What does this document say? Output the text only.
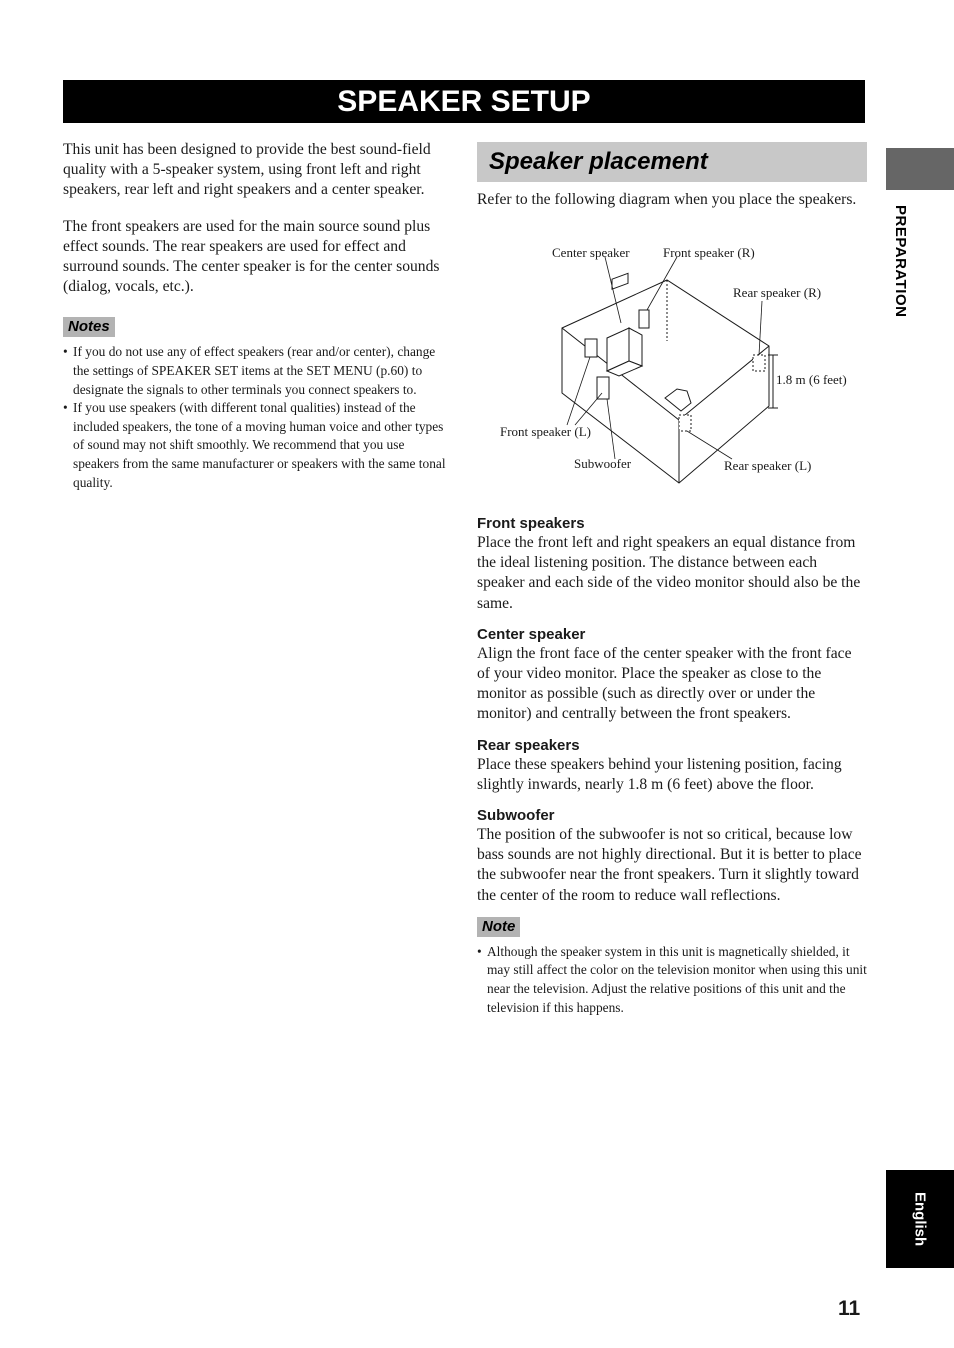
SPEAKER SETUP
PREPARATION

This unit has been designed to provide the best sound-field quality with a 5-speaker system, using front left and right speakers, rear left and right speakers and a center speaker.

The front speakers are used for the main source sound plus effect sounds. The rear speakers are used for effect and surround sounds. The center speaker is for the center sounds (dialog, vocals, etc.).

Notes
• If you do not use any of effect speakers (rear and/or center), change the settings of SPEAKER SET items at the SET MENU (p.60) to designate the signals to other terminals you connect speakers to.
• If you use speakers (with different tonal qualities) instead of the included speakers, the tone of a moving human voice and other types of sound may not shift smoothly. We recommend that you use speakers from the same manufacturer or speakers with the same tonal quality.
Speaker placement

Refer to the following diagram when you place the speakers.

Center speaker	Front speaker (R)
Rear speaker (R)
1.8 m (6 feet)
Front speaker (L)
Subwoofer	Rear speaker (L)

Front speakers

Place the front left and right speakers an equal distance from the ideal listening position. The distance between each speaker and each side of the video monitor should also be the same.

Center speaker

Align the front face of the center speaker with the front face of your video monitor. Place the speaker as close to the monitor as possible (such as directly over or under the monitor) and centrally between the front speakers.

Rear speakers

Place these speakers behind your listening position, facing slightly inwards, nearly 1.8 m (6 feet) above the floor.

Subwoofer

The position of the subwoofer is not so critical, because low bass sounds are not highly directional. But it is better to place the subwoofer near the front speakers. Turn it slightly toward the center of the room to reduce wall reflections.

Note
• Although the speaker system in this unit is magnetically shielded, it may still affect the color on the television monitor when using this unit near the television. Adjust the relative positions of this unit and the television if this happens.
English
11
